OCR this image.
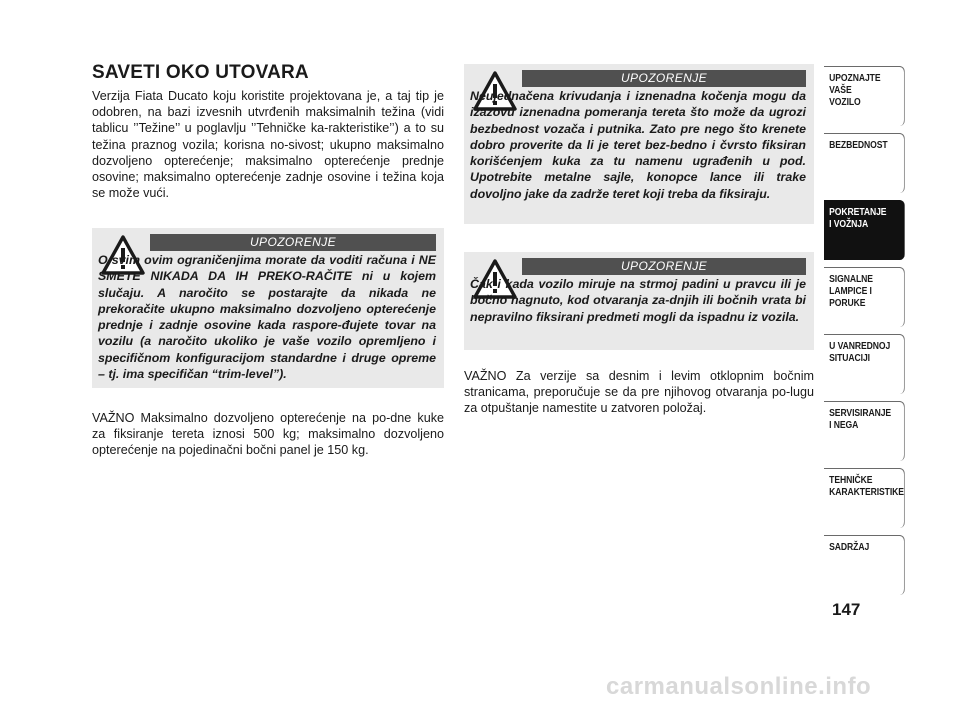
SAVETI OKO UTOVARA

Verzija Fiata Ducato koju koristite projektovana je, a taj tip je odobren, na bazi izvesnih utvrđenih maksimalnih težina (vidi tablicu ’’Težine’’ u poglavlju ’’Tehničke ka-rakteristike’’) a to su težina praznog vozila; korisna no-sivost; ukupno maksimalno dozvoljeno opterećenje; maksimalno opterećenje prednje osovine; maksimalno opterećenje zadnje osovine i težina koja se može vući.

UPOZORENJE

O svim ovim ograničenjima morate da voditi računa i NE SMETE NIKADA DA IH PREKO-RAČITE ni u kojem slučaju. A naročito se postarajte da nikada ne prekoračite ukupno maksimalno dozvoljeno opterećenje prednje i zadnje osovine kada raspore-đujete tovar na vozilu (a naročito ukoliko je vaše vozilo opremljeno i specifičnom konfiguracijom standardne i druge opreme – tj. ima specifičan “trim-level”).

VAŽNO Maksimalno dozvoljeno opterećenje na po-dne kuke za fiksiranje tereta iznosi 500 kg; maksimalno dozvoljeno opterećenje na pojedinačni bočni panel je 150 kg.

UPOZORENJE

Neujednačena krivudanja i iznenadna kočenja mogu da izazovu iznenadna pomeranja tereta što može da ugrozi bezbednost vozača i putnika. Zato pre nego što krenete dobro proverite da li je teret bez-bedno i čvrsto fiksiran korišćenjem kuka za tu namenu ugrađenih u pod. Upotrebite metalne sajle, konopce lance ili trake dovoljno jake da zadrže teret koji treba da fiksiraju.

UPOZORENJE

Čak i kada vozilo miruje na strmoj padini u pravcu ili je bočno nagnuto, kod otvaranja za-dnjih ili bočnih vrata bi nepravilno fiksirani predmeti mogli da ispadnu iz vozila.

VAŽNO Za verzije sa desnim i levim otklopnim bočnim stranicama, preporučuje se da pre njihovog otvaranja po-lugu za otpuštanje namestite u zatvoren položaj.

UPOZNAJTE
VAŠE
VOZILO
BEZBEDNOST
POKRETANJE
I VOŽNJA
SIGNALNE
LAMPICE I PORUKE
U VANREDNOJ
SITUACIJI
SERVISIRANJE
I NEGA
TEHNIČKE
KARAKTERISTIKE
SADRŽAJ

147

carmanualsonline.info
